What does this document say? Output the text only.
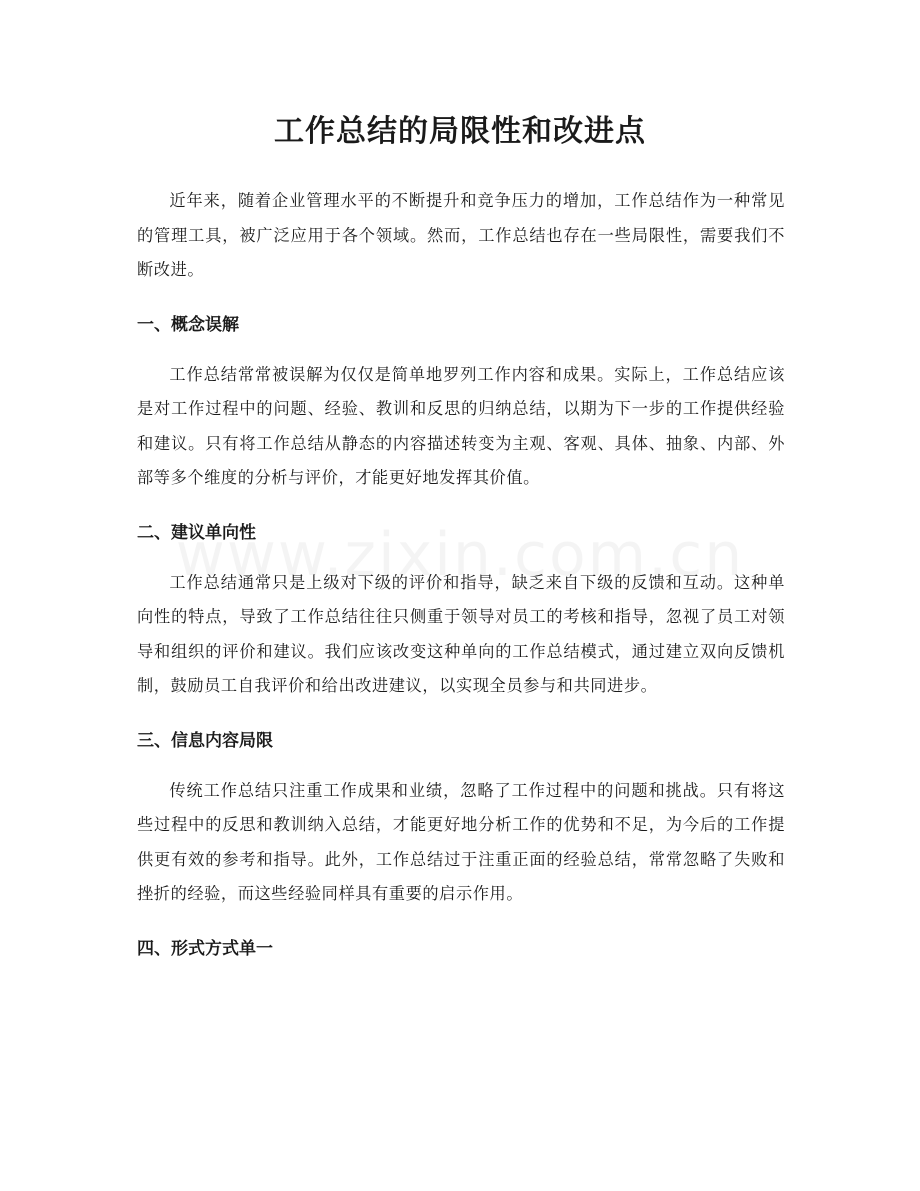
工作总结的局限性和改进点

近年来，随着企业管理水平的不断提升和竞争压力的增加，工作总结作为一种常见的管理工具，被广泛应用于各个领域。然而，工作总结也存在一些局限性，需要我们不断改进。

一、概念误解

工作总结常常被误解为仅仅是简单地罗列工作内容和成果。实际上，工作总结应该是对工作过程中的问题、经验、教训和反思的归纳总结，以期为下一步的工作提供经验和建议。只有将工作总结从静态的内容描述转变为主观、客观、具体、抽象、内部、外部等多个维度的分析与评价，才能更好地发挥其价值。

二、建议单向性

工作总结通常只是上级对下级的评价和指导，缺乏来自下级的反馈和互动。这种单向性的特点，导致了工作总结往往只侧重于领导对员工的考核和指导，忽视了员工对领导和组织的评价和建议。我们应该改变这种单向的工作总结模式，通过建立双向反馈机制，鼓励员工自我评价和给出改进建议，以实现全员参与和共同进步。

三、信息内容局限

传统工作总结只注重工作成果和业绩，忽略了工作过程中的问题和挑战。只有将这些过程中的反思和教训纳入总结，才能更好地分析工作的优势和不足，为今后的工作提供更有效的参考和指导。此外，工作总结过于注重正面的经验总结，常常忽略了失败和挫折的经验，而这些经验同样具有重要的启示作用。

四、形式方式单一
